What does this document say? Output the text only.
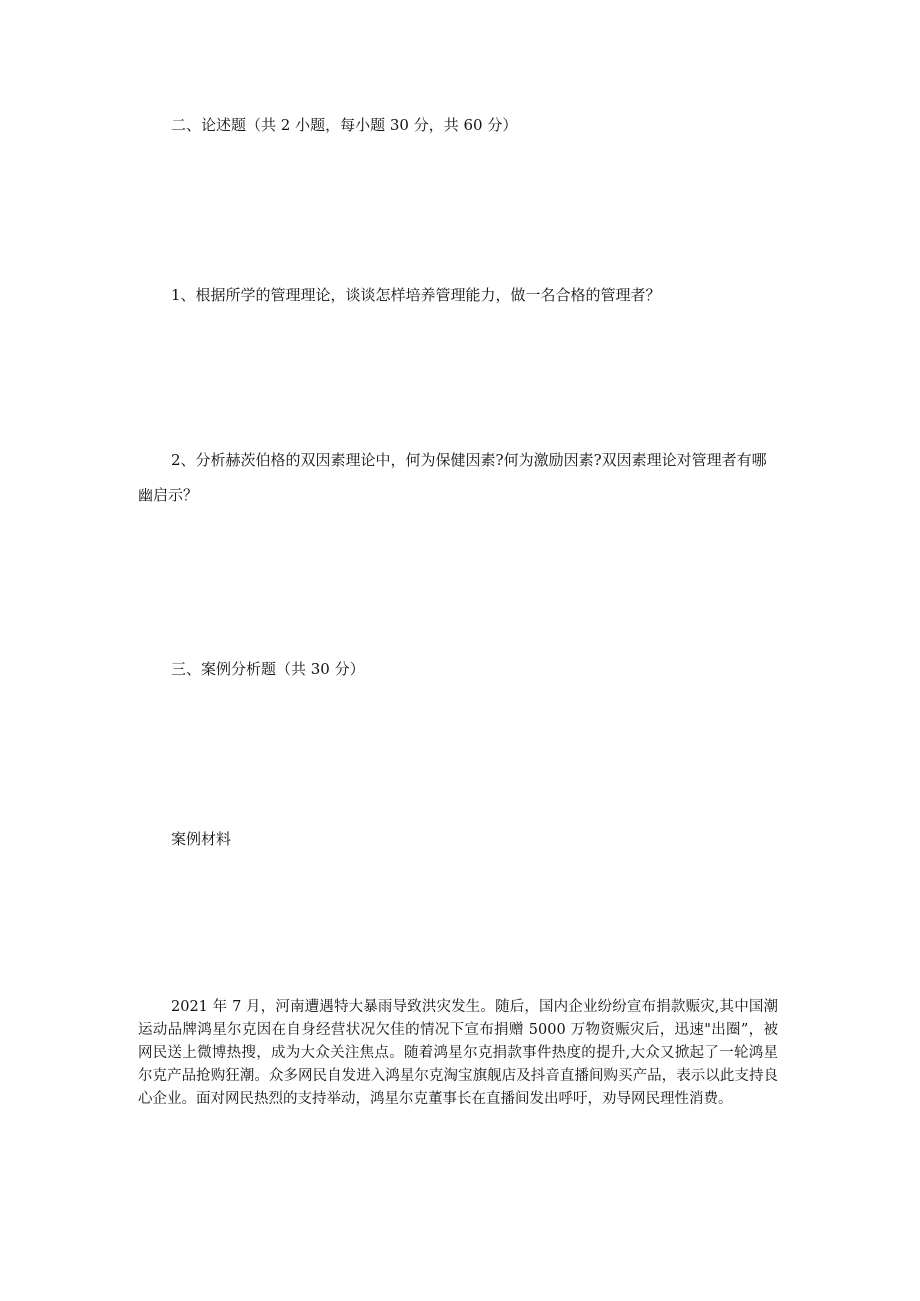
二、论述题（共 2 小题，每小题 30 分，共 60 分）
1、根据所学的管理理论，谈谈怎样培养管理能力，做一名合格的管理者？
2、分析赫茨伯格的双因素理论中，何为保健因素?何为激励因素?双因素理论对管理者有哪
幽启示？
三、案例分析题（共 30 分）
案例材料
2021 年 7 月，河南遭遇特大暴雨导致洪灾发生。随后，国内企业纷纷宣布捐款赈灾,其中国潮运动品牌鸿星尔克因在自身经营状况欠佳的情况下宣布捐赠 5000 万物资赈灾后，迅速"出圈”，被网民送上微博热搜，成为大众关注焦点。随着鸿星尔克捐款事件热度的提升,大众又掀起了一轮鸿星尔克产品抢购狂潮。众多网民自发进入鸿星尔克淘宝旗舰店及抖音直播间购买产品，表示以此支持良心企业。面对网民热烈的支持举动，鸿星尔克董事长在直播间发出呼吁，劝导网民理性消费。
